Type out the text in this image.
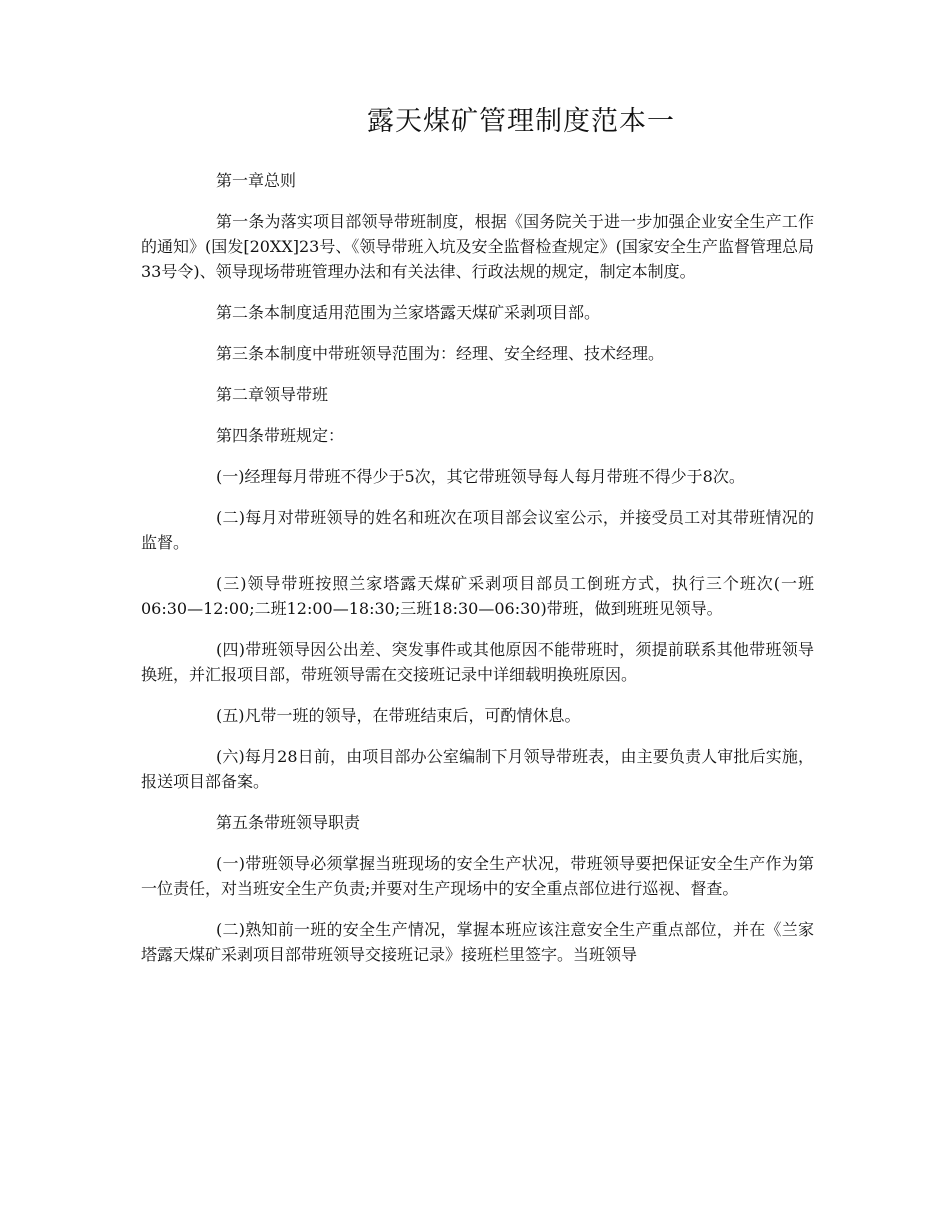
露天煤矿管理制度范本一

第一章总则

第一条为落实项目部领导带班制度，根据《国务院关于进一步加强企业安全生产工作的通知》(国发[20XX]23号、《领导带班入坑及安全监督检查规定》(国家安全生产监督管理总局33号令)、领导现场带班管理办法和有关法律、行政法规的规定，制定本制度。

第二条本制度适用范围为兰家塔露天煤矿采剥项目部。

第三条本制度中带班领导范围为：经理、安全经理、技术经理。

第二章领导带班

第四条带班规定：

(一)经理每月带班不得少于5次，其它带班领导每人每月带班不得少于8次。

(二)每月对带班领导的姓名和班次在项目部会议室公示，并接受员工对其带班情况的监督。

(三)领导带班按照兰家塔露天煤矿采剥项目部员工倒班方式，执行三个班次(一班06:30—12:00;二班12:00—18:30;三班18:30—06:30)带班，做到班班见领导。

(四)带班领导因公出差、突发事件或其他原因不能带班时，须提前联系其他带班领导换班，并汇报项目部，带班领导需在交接班记录中详细载明换班原因。

(五)凡带一班的领导，在带班结束后，可酌情休息。

(六)每月28日前，由项目部办公室编制下月领导带班表，由主要负责人审批后实施，报送项目部备案。

第五条带班领导职责

(一)带班领导必须掌握当班现场的安全生产状况，带班领导要把保证安全生产作为第一位责任，对当班安全生产负责;并要对生产现场中的安全重点部位进行巡视、督查。

(二)熟知前一班的安全生产情况，掌握本班应该注意安全生产重点部位，并在《兰家塔露天煤矿采剥项目部带班领导交接班记录》接班栏里签字。当班领导
